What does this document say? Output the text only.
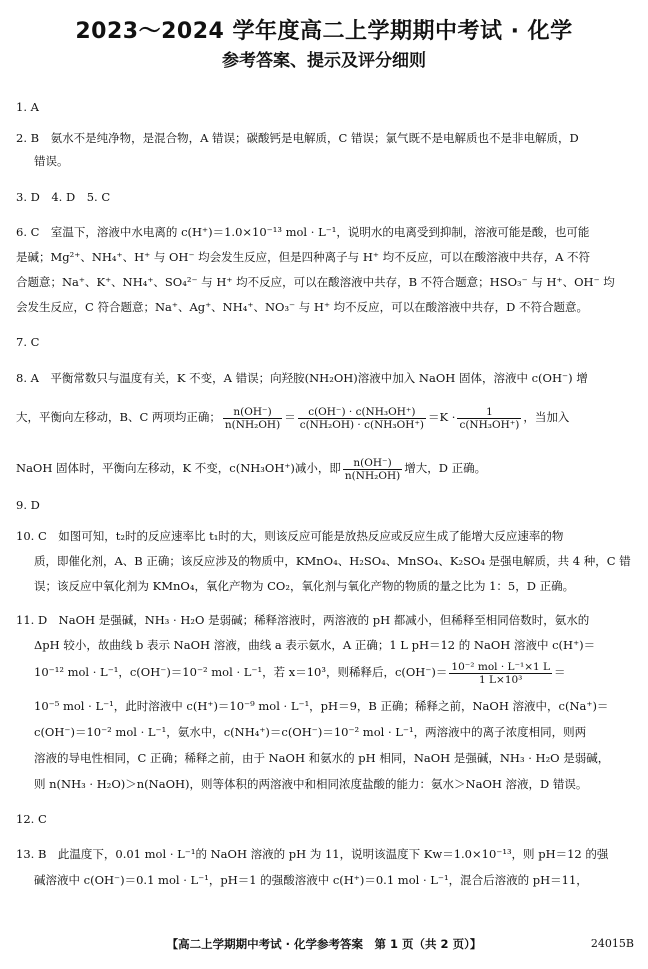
2023～2024 学年度高二上学期期中考试 · 化学
参考答案、提示及评分细则
1. A
2. B　氨水不是纯净物，是混合物，A 错误；碳酸钙是电解质，C 错误；氯气既不是电解质也不是非电解质，D
错误。
3. D　4. D　5. C
6. C　室温下，溶液中水电离的 c(H⁺)＝1.0×10⁻¹³ mol · L⁻¹，说明水的电离受到抑制，溶液可能是酸，也可能
是碱；Mg²⁺、NH₄⁺、H⁺ 与 OH⁻ 均会发生反应，但是四种离子与 H⁺ 均不反应，可以在酸溶液中共存，A 不符
合题意；Na⁺、K⁺、NH₄⁺、SO₄²⁻ 与 H⁺ 均不反应，可以在酸溶液中共存，B 不符合题意；HSO₃⁻ 与 H⁺、OH⁻ 均
会发生反应，C 符合题意；Na⁺、Ag⁺、NH₄⁺、NO₃⁻ 与 H⁺ 均不反应，可以在酸溶液中共存，D 不符合题意。
7. C
8. A　平衡常数只与温度有关，K 不变，A 错误；向羟胺(NH₂OH)溶液中加入 NaOH 固体，溶液中 c(OH⁻) 增
大，平衡向左移动，B、C 两项均正确； $\frac{n(OH^-)}{\text{n(NH₂OH)}} = \frac{\text{c(OH⁻) · c(NH₃OH⁺)}}{\text{c(NH₂OH) · c(NH₃OH⁺)}} =K \cdot \frac{1}{\text{c(NH₃OH⁺)}}$ ，当加入
NaOH 固体时，平衡向左移动，K 不变，c(NH₃OH⁺)减小，即 $\frac{n(OH^-)}{\text{n(NH₂OH)}}$ 增大，D 正确。
9. D
10. C　如图可知，t₂时的反应速率比 t₁时的大，则该反应可能是放热反应或反应生成了能增大反应速率的物
质，即催化剂，A、B 正确；该反应涉及的物质中，KMnO₄、H₂SO₄、MnSO₄、K₂SO₄ 是强电解质，共 4 种，C 错
误；该反应中氧化剂为 KMnO₄，氧化产物为 CO₂，氧化剂与氧化产物的物质的量之比为 1：5，D 正确。
11. D　NaOH 是强碱，NH₃ · H₂O 是弱碱；稀释溶液时，两溶液的 pH 都减小，但稀释至相同倍数时，氨水的
ΔpH 较小，故曲线 b 表示 NaOH 溶液，曲线 a 表示氨水，A 正确；1 L pH＝12 的 NaOH 溶液中 c(H⁺)＝
10⁻¹² mol · L⁻¹，c(OH⁻)＝10⁻² mol · L⁻¹，若 x＝10³，则稀释后，$c(OH^-)= \frac{\text{10⁻² mol · L⁻¹×1 L}}{\text{1 L×10³}}$ ＝
10⁻⁵ mol · L⁻¹，此时溶液中 c(H⁺)＝10⁻⁹ mol · L⁻¹，pH＝9，B 正确；稀释之前，NaOH 溶液中，c(Na⁺)＝
c(OH⁻)＝10⁻² mol · L⁻¹，氨水中，c(NH₄⁺)＝c(OH⁻)＝10⁻² mol · L⁻¹，两溶液中的离子浓度相同，则两
溶液的导电性相同，C 正确；稀释之前，由于 NaOH 和氨水的 pH 相同，NaOH 是强碱，NH₃ · H₂O 是弱碱，
则 n(NH₃ · H₂O)＞n(NaOH)，则等体积的两溶液中和相同浓度盐酸的能力：氨水＞NaOH 溶液，D 错误。
12. C
13. B　此温度下，0.01 mol · L⁻¹的 NaOH 溶液的 pH 为 11，说明该温度下 Kw＝1.0×10⁻¹³，则 pH＝12 的强
碱溶液中 c(OH⁻)＝0.1 mol · L⁻¹，pH＝1 的强酸溶液中 c(H⁺)＝0.1 mol · L⁻¹，混合后溶液的 pH＝11，
【高二上学期期中考试 · 化学参考答案　第 1 页（共 2 页）】	24015B
